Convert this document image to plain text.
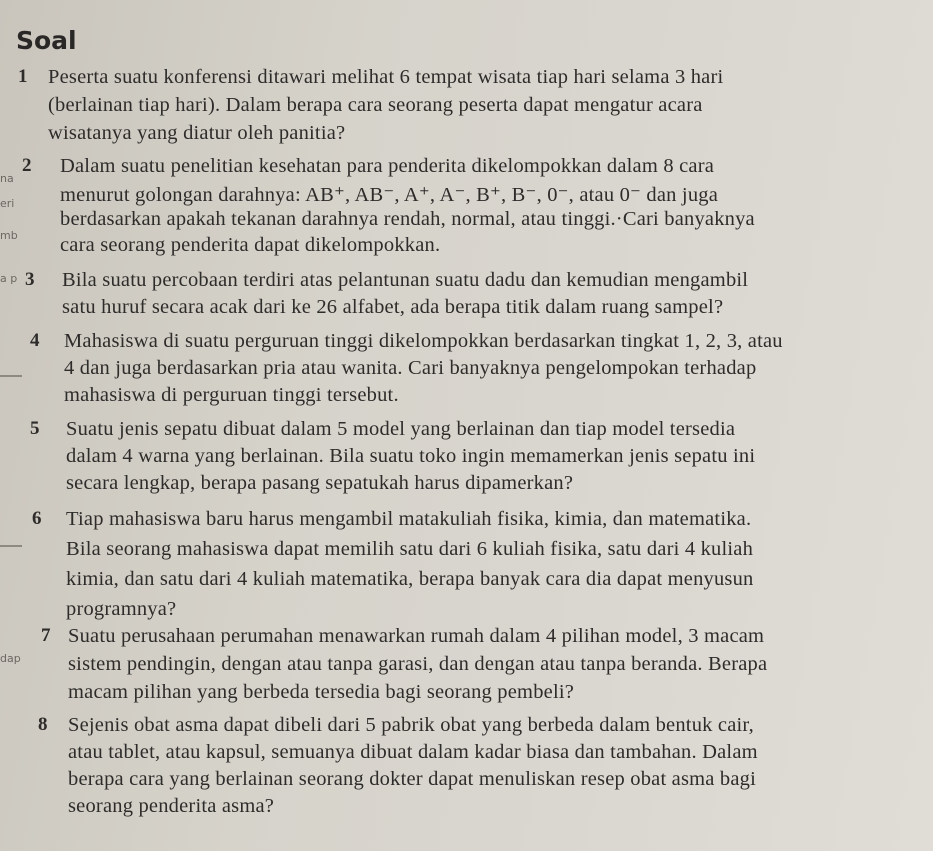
Soal
na
eri
mb
a p
dap
1 Peserta suatu konferensi ditawari melihat 6 tempat wisata tiap hari selama 3 hari
(berlainan tiap hari). Dalam berapa cara seorang peserta dapat mengatur acara
wisatanya yang diatur oleh panitia?
2 Dalam suatu penelitian kesehatan para penderita dikelompokkan dalam 8 cara
menurut golongan darahnya: AB⁺, AB⁻, A⁺, A⁻, B⁺, B⁻, 0⁻, atau 0⁻ dan juga
berdasarkan apakah tekanan darahnya rendah, normal, atau tinggi.·Cari banyaknya
cara seorang penderita dapat dikelompokkan.
3 Bila suatu percobaan terdiri atas pelantunan suatu dadu dan kemudian mengambil
satu huruf secara acak dari ke 26 alfabet, ada berapa titik dalam ruang sampel?
4 Mahasiswa di suatu perguruan tinggi dikelompokkan berdasarkan tingkat 1, 2, 3, atau
4 dan juga berdasarkan pria atau wanita. Cari banyaknya pengelompokan terhadap
mahasiswa di perguruan tinggi tersebut.
5 Suatu jenis sepatu dibuat dalam 5 model yang berlainan dan tiap model tersedia
dalam 4 warna yang berlainan. Bila suatu toko ingin memamerkan jenis sepatu ini
secara lengkap, berapa pasang sepatukah harus dipamerkan?
6 Tiap mahasiswa baru harus mengambil matakuliah fisika, kimia, dan matematika.
Bila seorang mahasiswa dapat memilih satu dari 6 kuliah fisika, satu dari 4 kuliah
kimia, dan satu dari 4 kuliah matematika, berapa banyak cara dia dapat menyusun
programnya?
7 Suatu perusahaan perumahan menawarkan rumah dalam 4 pilihan model, 3 macam
sistem pendingin, dengan atau tanpa garasi, dan dengan atau tanpa beranda. Berapa
macam pilihan yang berbeda tersedia bagi seorang pembeli?
8 Sejenis obat asma dapat dibeli dari 5 pabrik obat yang berbeda dalam bentuk cair,
atau tablet, atau kapsul, semuanya dibuat dalam kadar biasa dan tambahan. Dalam
berapa cara yang berlainan seorang dokter dapat menuliskan resep obat asma bagi
seorang penderita asma?
